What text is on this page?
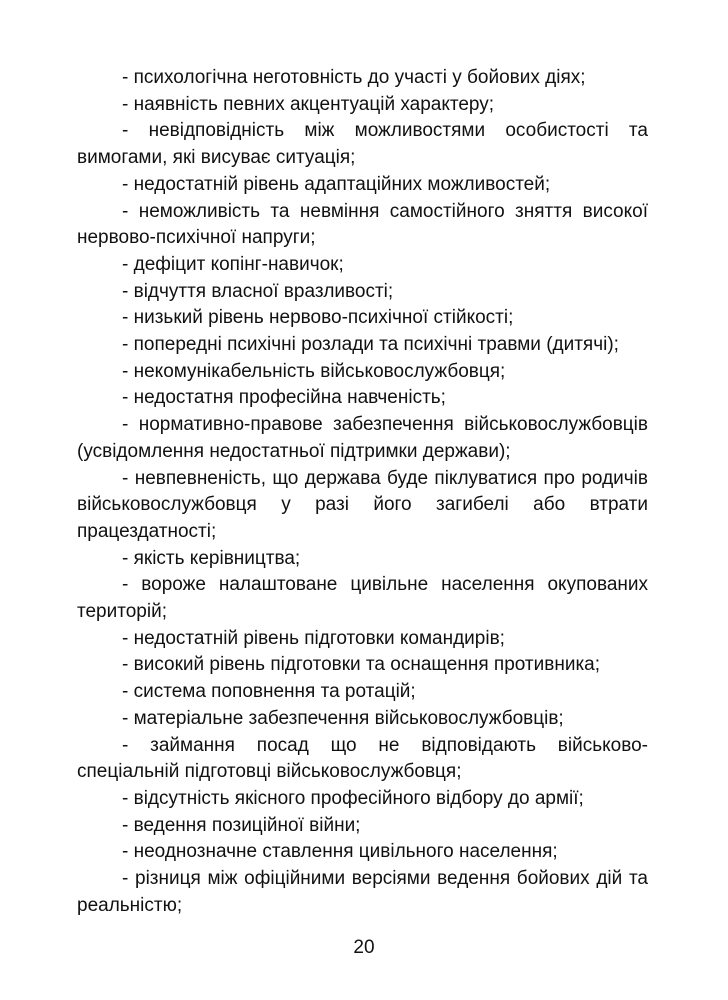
- психологічна неготовність до участі у бойових діях;

- наявність певних акцентуацій характеру;

- невідповідність між можливостями особистості та вимогами, які висуває ситуація;

- недостатній рівень адаптаційних можливостей;

- неможливість та невміння самостійного зняття високої нервово-психічної напруги;

- дефіцит копінг-навичок;

- відчуття власної вразливості;

- низький рівень нервово-психічної стійкості;

- попередні психічні розлади та психічні травми (дитячі);

- некомунікабельність військовослужбовця;

- недостатня професійна навченість;

- нормативно-правове забезпечення військовослужбовців (усвідомлення недостатньої підтримки держави);

- невпевненість, що держава буде піклуватися про родичів військовослужбовця у разі його загибелі або втрати працездатності;

- якість керівництва;

- вороже налаштоване цивільне населення окупованих територій;

- недостатній рівень підготовки командирів;

- високий рівень підготовки та оснащення противника;

- система поповнення та ротацій;

- матеріальне забезпечення військовослужбовців;

- займання посад що не відповідають військово-спеціальній підготовці військовослужбовця;

- відсутність якісного професійного відбору до армії;

- ведення позиційної війни;

- неоднозначне ставлення цивільного населення;

- різниця між офіційними версіями ведення бойових дій та реальністю;

20
